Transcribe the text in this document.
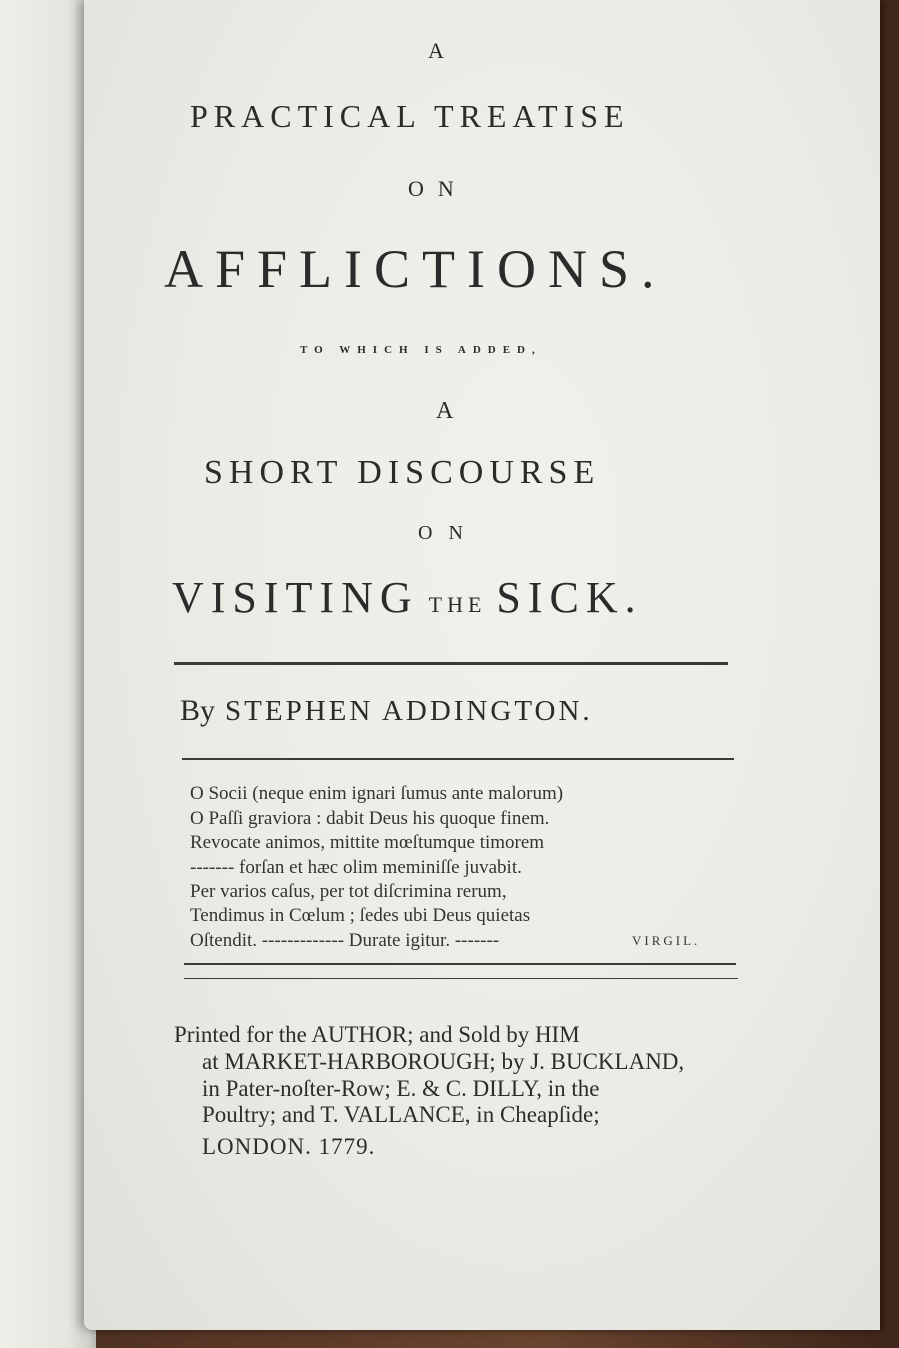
A

PRACTICAL TREATISE

ON

AFFLICTIONS.

TO WHICH IS ADDED,

A

SHORT DISCOURSE

ON

VISITING THE SICK.
By STEPHEN ADDINGTON.
O Socii (neque enim ignari ſumus ante malorum)
O Paſſi graviora : dabit Deus his quoque finem.
Revocate animos, mittite mœſtumque timorem
------- forſan et hæc olim meminiſſe juvabit.
Per varios caſus, per tot diſcrimina rerum,
Tendimus in Cœlum ; ſedes ubi Deus quietas
Oſtendit. ------------- Durate igitur. -------	VIRGIL.
Printed for the AUTHOR; and Sold by HIM
at MARKET-HARBOROUGH; by J. BUCKLAND,
in Pater-noſter-Row; E. & C. DILLY, in the
Poultry; and T. VALLANCE, in Cheapſide;
LONDON. 1779.
